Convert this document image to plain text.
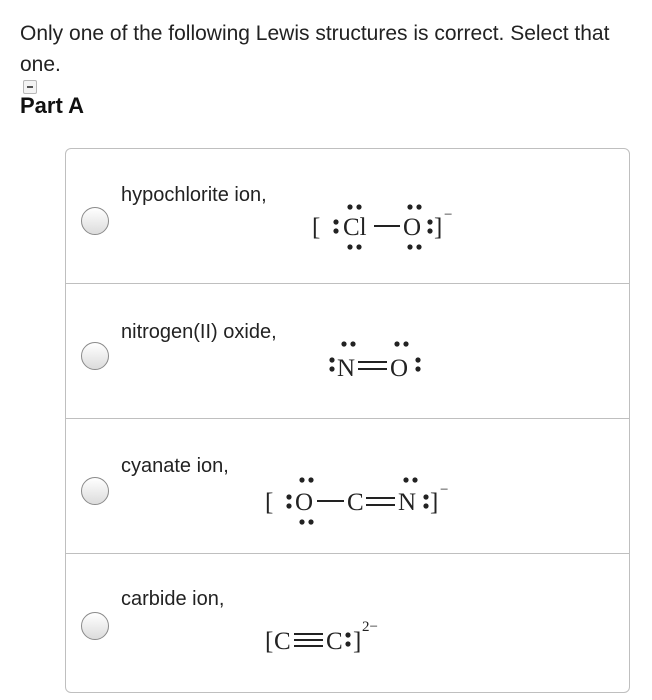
Only one of the following Lewis structures is correct. Select that one.
Part A
hypochlorite ion,
[ Cl O ] −
nitrogen(II) oxide,
N O
cyanate ion,
[ O C N ] −
carbide ion,
[ C C ]
2−
